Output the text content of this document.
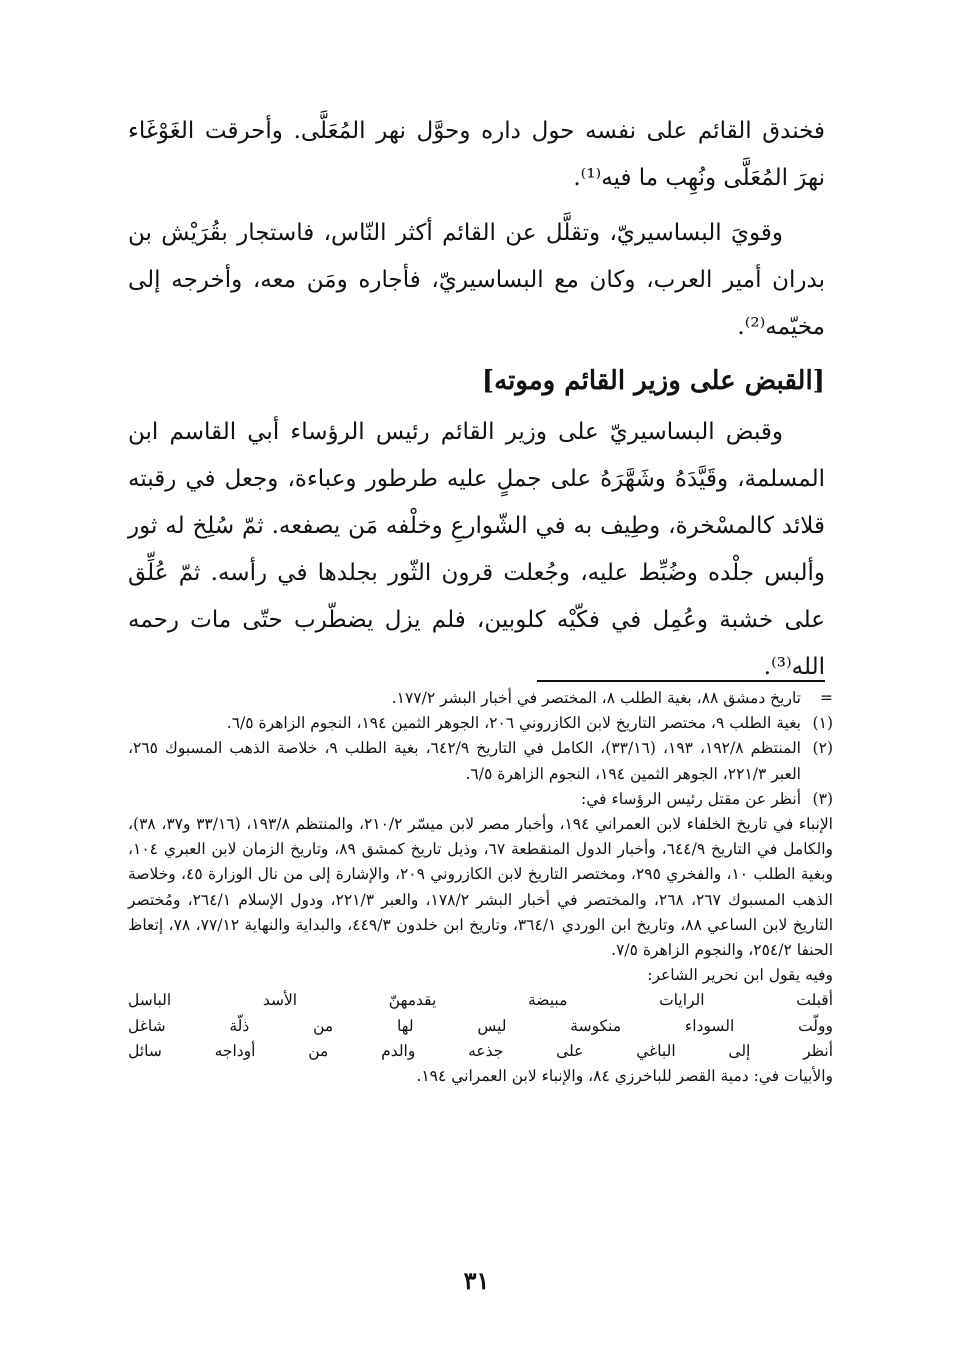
فخندق القائم على نفسه حول داره وحوَّل نهر المُعَلَّى. وأحرقت الغَوْغَاء نهرَ المُعَلَّى ونُهِب ما فيه⁽¹⁾.

وقويَ البساسيريّ، وتقلَّل عن القائم أكثر النّاس، فاستجار بقُرَيْش بن بدران أمير العرب، وكان مع البساسيريّ، فأجاره ومَن معه، وأخرجه إلى مخيّمه⁽²⁾.

[القبض على وزير القائم وموته]

وقبض البساسيريّ على وزير القائم رئيس الرؤساء أبي القاسم ابن المسلمة، وقَيَّدَهُ وشَهَّرَهُ على جملٍ عليه طرطور وعباءة، وجعل في رقبته قلائد كالمسْخرة، وطِيف به في الشّوارعِ وخلْفه مَن يصفعه. ثمّ سُلِخ له ثور وألبس جلْده وضُبِّط عليه، وجُعلت قرون الثّور بجلدها في رأسه. ثمّ عُلِّق على خشبة وعُمِل في فكّيْه كلوبين، فلم يزل يضطّرب حتّى مات رحمه الله⁽³⁾.

=
تاريخ دمشق ٨٨، بغية الطلب ٨، المختصر في أخبار البشر ١٧٧/٢.
(١)
بغية الطلب ٩، مختصر التاريخ لابن الكازروني ٢٠٦، الجوهر الثمين ١٩٤، النجوم الزاهرة ٦/٥.
(٢)
المنتظم ١٩٢/٨، ١٩٣، (٣٣/١٦)، الكامل في التاريخ ٦٤٢/٩، بغية الطلب ٩، خلاصة الذهب المسبوك ٢٦٥، العبر ٢٢١/٣، الجوهر الثمين ١٩٤، النجوم الزاهرة ٦/٥.
(٣)

أنظر عن مقتل رئيس الرؤساء في:

الإنباء في تاريخ الخلفاء لابن العمراني ١٩٤، وأخبار مصر لابن ميسّر ٢١٠/٢، والمنتظم ١٩٣/٨، (٣٣/١٦ و٣٧، ٣٨)، والكامل في التاريخ ٦٤٤/٩، وأخبار الدول المنقطعة ٦٧، وذيل تاريخ كمشق ٨٩، وتاريخ الزمان لابن العبري ١٠٤، وبغية الطلب ١٠، والفخري ٢٩٥، ومختصر التاريخ لابن الكازروني ٢٠٩، والإشارة إلى من نال الوزارة ٤٥، وخلاصة الذهب المسبوك ٢٦٧، ٢٦٨، والمختصر في أخبار البشر ١٧٨/٢، والعبر ٢٢١/٣، ودول الإسلام ٢٦٤/١، ومُختصر التاريخ لابن الساعي ٨٨، وتاريخ ابن الوردي ٣٦٤/١، وتاريخ ابن خلدون ٤٤٩/٣، والبداية والنهاية ٧٧/١٢، ٧٨، إتعاظ الحنفا ٢٥٤/٢، والنجوم الزاهرة ٧/٥.

وفيه يقول ابن نحرير الشاعر:

أقبلت
الرايات
مبيضة
يقدمهنّ
الأسد
الباسل
وولّت
السوداء
منكوسة
ليس
لها
من
ذلّة
شاغل
أنظر
إلى
الباغي
على
جذعه
والدم
من
أوداجه
سائل

والأبيات في: دمية القصر للباخرزي ٨٤، والإنباء لابن العمراني ١٩٤.

٣١
